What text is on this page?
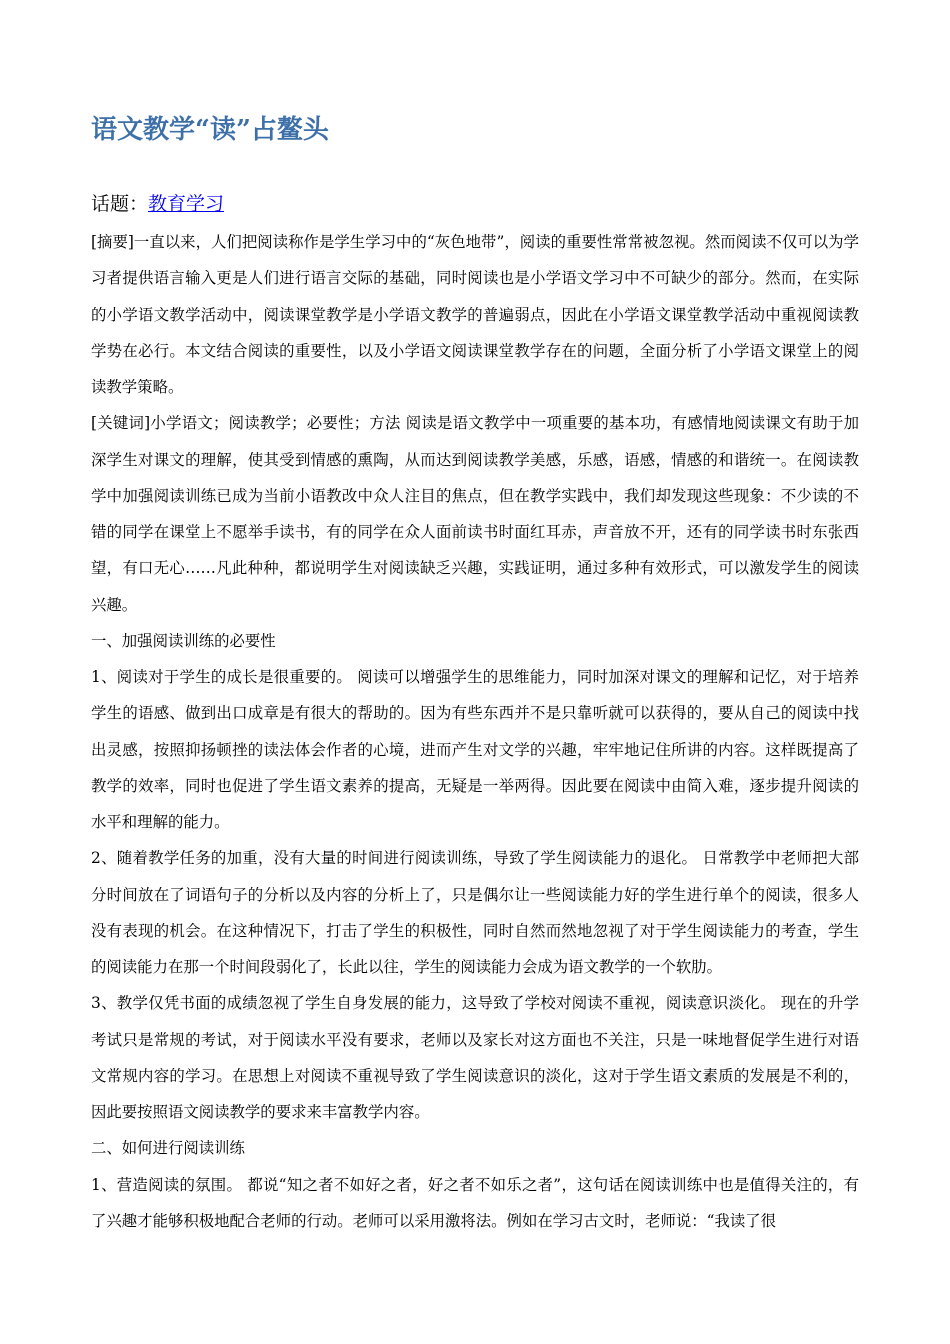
语文教学“读”占鳌头
话题：教育学习

[摘要]一直以来，人们把阅读称作是学生学习中的“灰色地带”，阅读的重要性常常被忽视。然而阅读不仅可以为学习者提供语言输入更是人们进行语言交际的基础，同时阅读也是小学语文学习中不可缺少的部分。然而，在实际的小学语文教学活动中，阅读课堂教学是小学语文教学的普遍弱点，因此在小学语文课堂教学活动中重视阅读教学势在必行。本文结合阅读的重要性，以及小学语文阅读课堂教学存在的问题，全面分析了小学语文课堂上的阅读教学策略。

[关键词]小学语文；阅读教学；必要性；方法 阅读是语文教学中一项重要的基本功，有感情地阅读课文有助于加深学生对课文的理解，使其受到情感的熏陶，从而达到阅读教学美感，乐感，语感，情感的和谐统一。在阅读教学中加强阅读训练已成为当前小语教改中众人注目的焦点，但在教学实践中，我们却发现这些现象：不少读的不错的同学在课堂上不愿举手读书，有的同学在众人面前读书时面红耳赤，声音放不开，还有的同学读书时东张西望，有口无心……凡此种种，都说明学生对阅读缺乏兴趣，实践证明，通过多种有效形式，可以激发学生的阅读兴趣。

一、加强阅读训练的必要性

1、阅读对于学生的成长是很重要的。 阅读可以增强学生的思维能力，同时加深对课文的理解和记忆，对于培养学生的语感、做到出口成章是有很大的帮助的。因为有些东西并不是只靠听就可以获得的，要从自己的阅读中找出灵感，按照抑扬顿挫的读法体会作者的心境，进而产生对文学的兴趣，牢牢地记住所讲的内容。这样既提高了教学的效率，同时也促进了学生语文素养的提高，无疑是一举两得。因此要在阅读中由简入难，逐步提升阅读的水平和理解的能力。

2、随着教学任务的加重，没有大量的时间进行阅读训练，导致了学生阅读能力的退化。 日常教学中老师把大部分时间放在了词语句子的分析以及内容的分析上了，只是偶尔让一些阅读能力好的学生进行单个的阅读，很多人没有表现的机会。在这种情况下，打击了学生的积极性，同时自然而然地忽视了对于学生阅读能力的考查，学生的阅读能力在那一个时间段弱化了，长此以往，学生的阅读能力会成为语文教学的一个软肋。

3、教学仅凭书面的成绩忽视了学生自身发展的能力，这导致了学校对阅读不重视，阅读意识淡化。 现在的升学考试只是常规的考试，对于阅读水平没有要求，老师以及家长对这方面也不关注，只是一味地督促学生进行对语文常规内容的学习。在思想上对阅读不重视导致了学生阅读意识的淡化，这对于学生语文素质的发展是不利的，因此要按照语文阅读教学的要求来丰富教学内容。

二、如何进行阅读训练

1、营造阅读的氛围。 都说“知之者不如好之者，好之者不如乐之者”，这句话在阅读训练中也是值得关注的，有了兴趣才能够积极地配合老师的行动。老师可以采用激将法。例如在学习古文时，老师说：“我读了很
